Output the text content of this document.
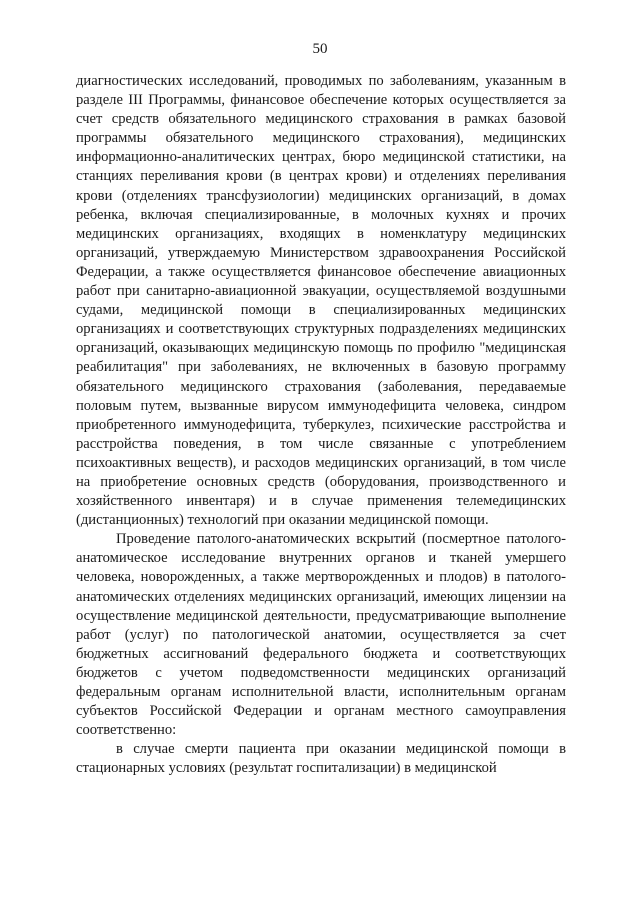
50

диагностических исследований, проводимых по заболеваниям, указанным в разделе III Программы, финансовое обеспечение которых осуществляется за счет средств обязательного медицинского страхования в рамках базовой программы обязательного медицинского страхования), медицинских информационно-аналитических центрах, бюро медицинской статистики, на станциях переливания крови (в центрах крови) и отделениях переливания крови (отделениях трансфузиологии) медицинских организаций, в домах ребенка, включая специализированные, в молочных кухнях и прочих медицинских организациях, входящих в номенклатуру медицинских организаций, утверждаемую Министерством здравоохранения Российской Федерации, а также осуществляется финансовое обеспечение авиационных работ при санитарно-авиационной эвакуации, осуществляемой воздушными судами, медицинской помощи в специализированных медицинских организациях и соответствующих структурных подразделениях медицинских организаций, оказывающих медицинскую помощь по профилю "медицинская реабилитация" при заболеваниях, не включенных в базовую программу обязательного медицинского страхования (заболевания, передаваемые половым путем, вызванные вирусом иммунодефицита человека, синдром приобретенного иммунодефицита, туберкулез, психические расстройства и расстройства поведения, в том числе связанные с употреблением психоактивных веществ), и расходов медицинских организаций, в том числе на приобретение основных средств (оборудования, производственного и хозяйственного инвентаря) и в случае применения телемедицинских (дистанционных) технологий при оказании медицинской помощи.

Проведение патолого-анатомических вскрытий (посмертное патолого-анатомическое исследование внутренних органов и тканей умершего человека, новорожденных, а также мертворожденных и плодов) в патолого-анатомических отделениях медицинских организаций, имеющих лицензии на осуществление медицинской деятельности, предусматривающие выполнение работ (услуг) по патологической анатомии, осуществляется за счет бюджетных ассигнований федерального бюджета и соответствующих бюджетов с учетом подведомственности медицинских организаций федеральным органам исполнительной власти, исполнительным органам субъектов Российской Федерации и органам местного самоуправления соответственно:

в случае смерти пациента при оказании медицинской помощи в стационарных условиях (результат госпитализации) в медицинской
